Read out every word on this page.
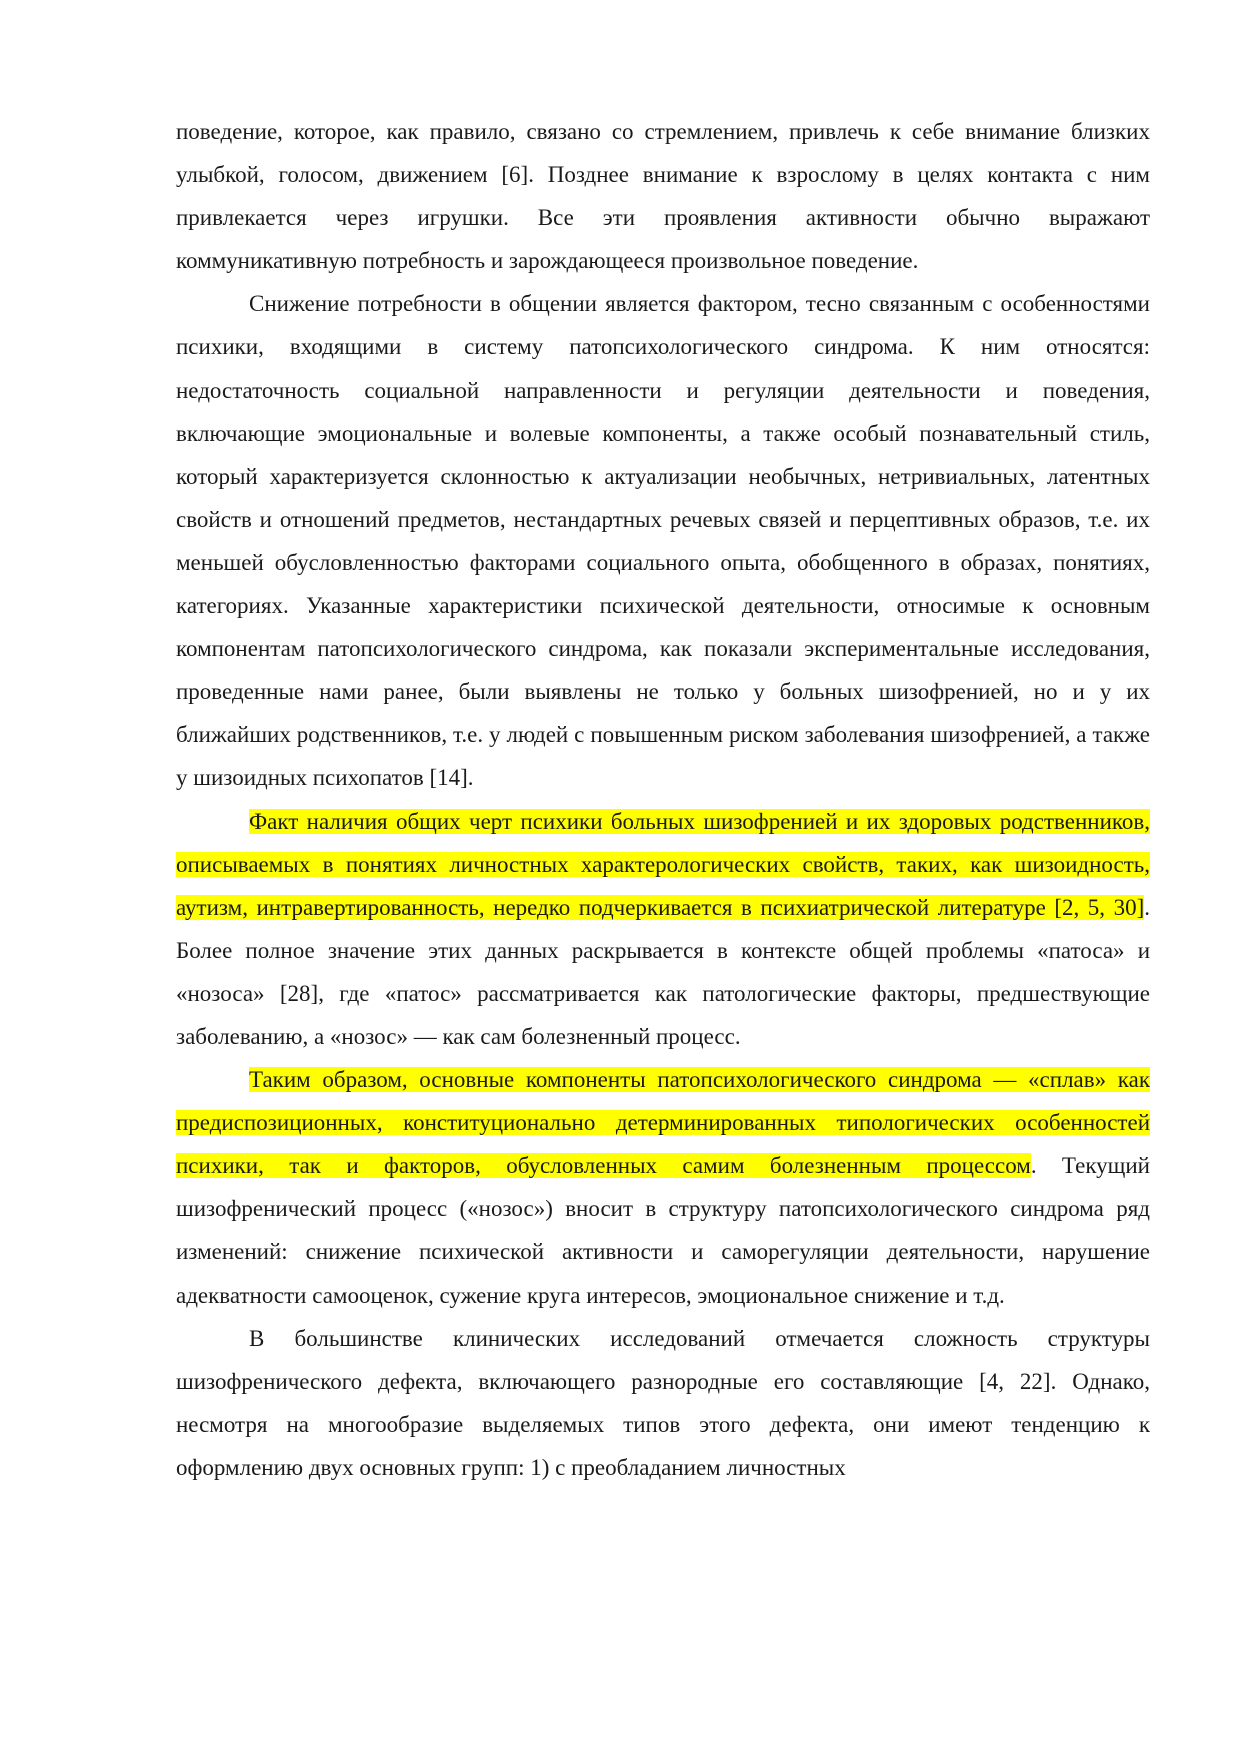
поведение, которое, как правило, связано со стремлением, привлечь к себе внимание близких улыбкой, голосом, движением [6]. Позднее внимание к взрослому в целях контакта с ним привлекается через игрушки. Все эти проявления активности обычно выражают коммуникативную потребность и зарождающееся произвольное поведение.

Снижение потребности в общении является фактором, тесно связанным с особенностями психики, входящими в систему патопсихологического синдрома. К ним относятся: недостаточность социальной направленности и регуляции деятельности и поведения, включающие эмоциональные и волевые компоненты, а также особый познавательный стиль, который характеризуется склонностью к актуализации необычных, нетривиальных, латентных свойств и отношений предметов, нестандартных речевых связей и перцептивных образов, т.е. их меньшей обусловленностью факторами социального опыта, обобщенного в образах, понятиях, категориях. Указанные характеристики психической деятельности, относимые к основным компонентам патопсихологического синдрома, как показали экспериментальные исследования, проведенные нами ранее, были выявлены не только у больных шизофренией, но и у их ближайших родственников, т.е. у людей с повышенным риском заболевания шизофренией, а также у шизоидных психопатов [14].

Факт наличия общих черт психики больных шизофренией и их здоровых родственников, описываемых в понятиях личностных характерологических свойств, таких, как шизоидность, аутизм, интравертированность, нередко подчеркивается в психиатрической литературе [2, 5, 30]. Более полное значение этих данных раскрывается в контексте общей проблемы «патоса» и «нозоса» [28], где «патос» рассматривается как патологические факторы, предшествующие заболеванию, а «нозос» — как сам болезненный процесс.

Таким образом, основные компоненты патопсихологического синдрома — «сплав» как предиспозиционных, конституционально детерминированных типологических особенностей психики, так и факторов, обусловленных самим болезненным процессом. Текущий шизофренический процесс («нозос») вносит в структуру патопсихологического синдрома ряд изменений: снижение психической активности и саморегуляции деятельности, нарушение адекватности самооценок, сужение круга интересов, эмоциональное снижение и т.д.

В большинстве клинических исследований отмечается сложность структуры шизофренического дефекта, включающего разнородные его составляющие [4, 22]. Однако, несмотря на многообразие выделяемых типов этого дефекта, они имеют тенденцию к оформлению двух основных групп: 1) с преобладанием личностных
